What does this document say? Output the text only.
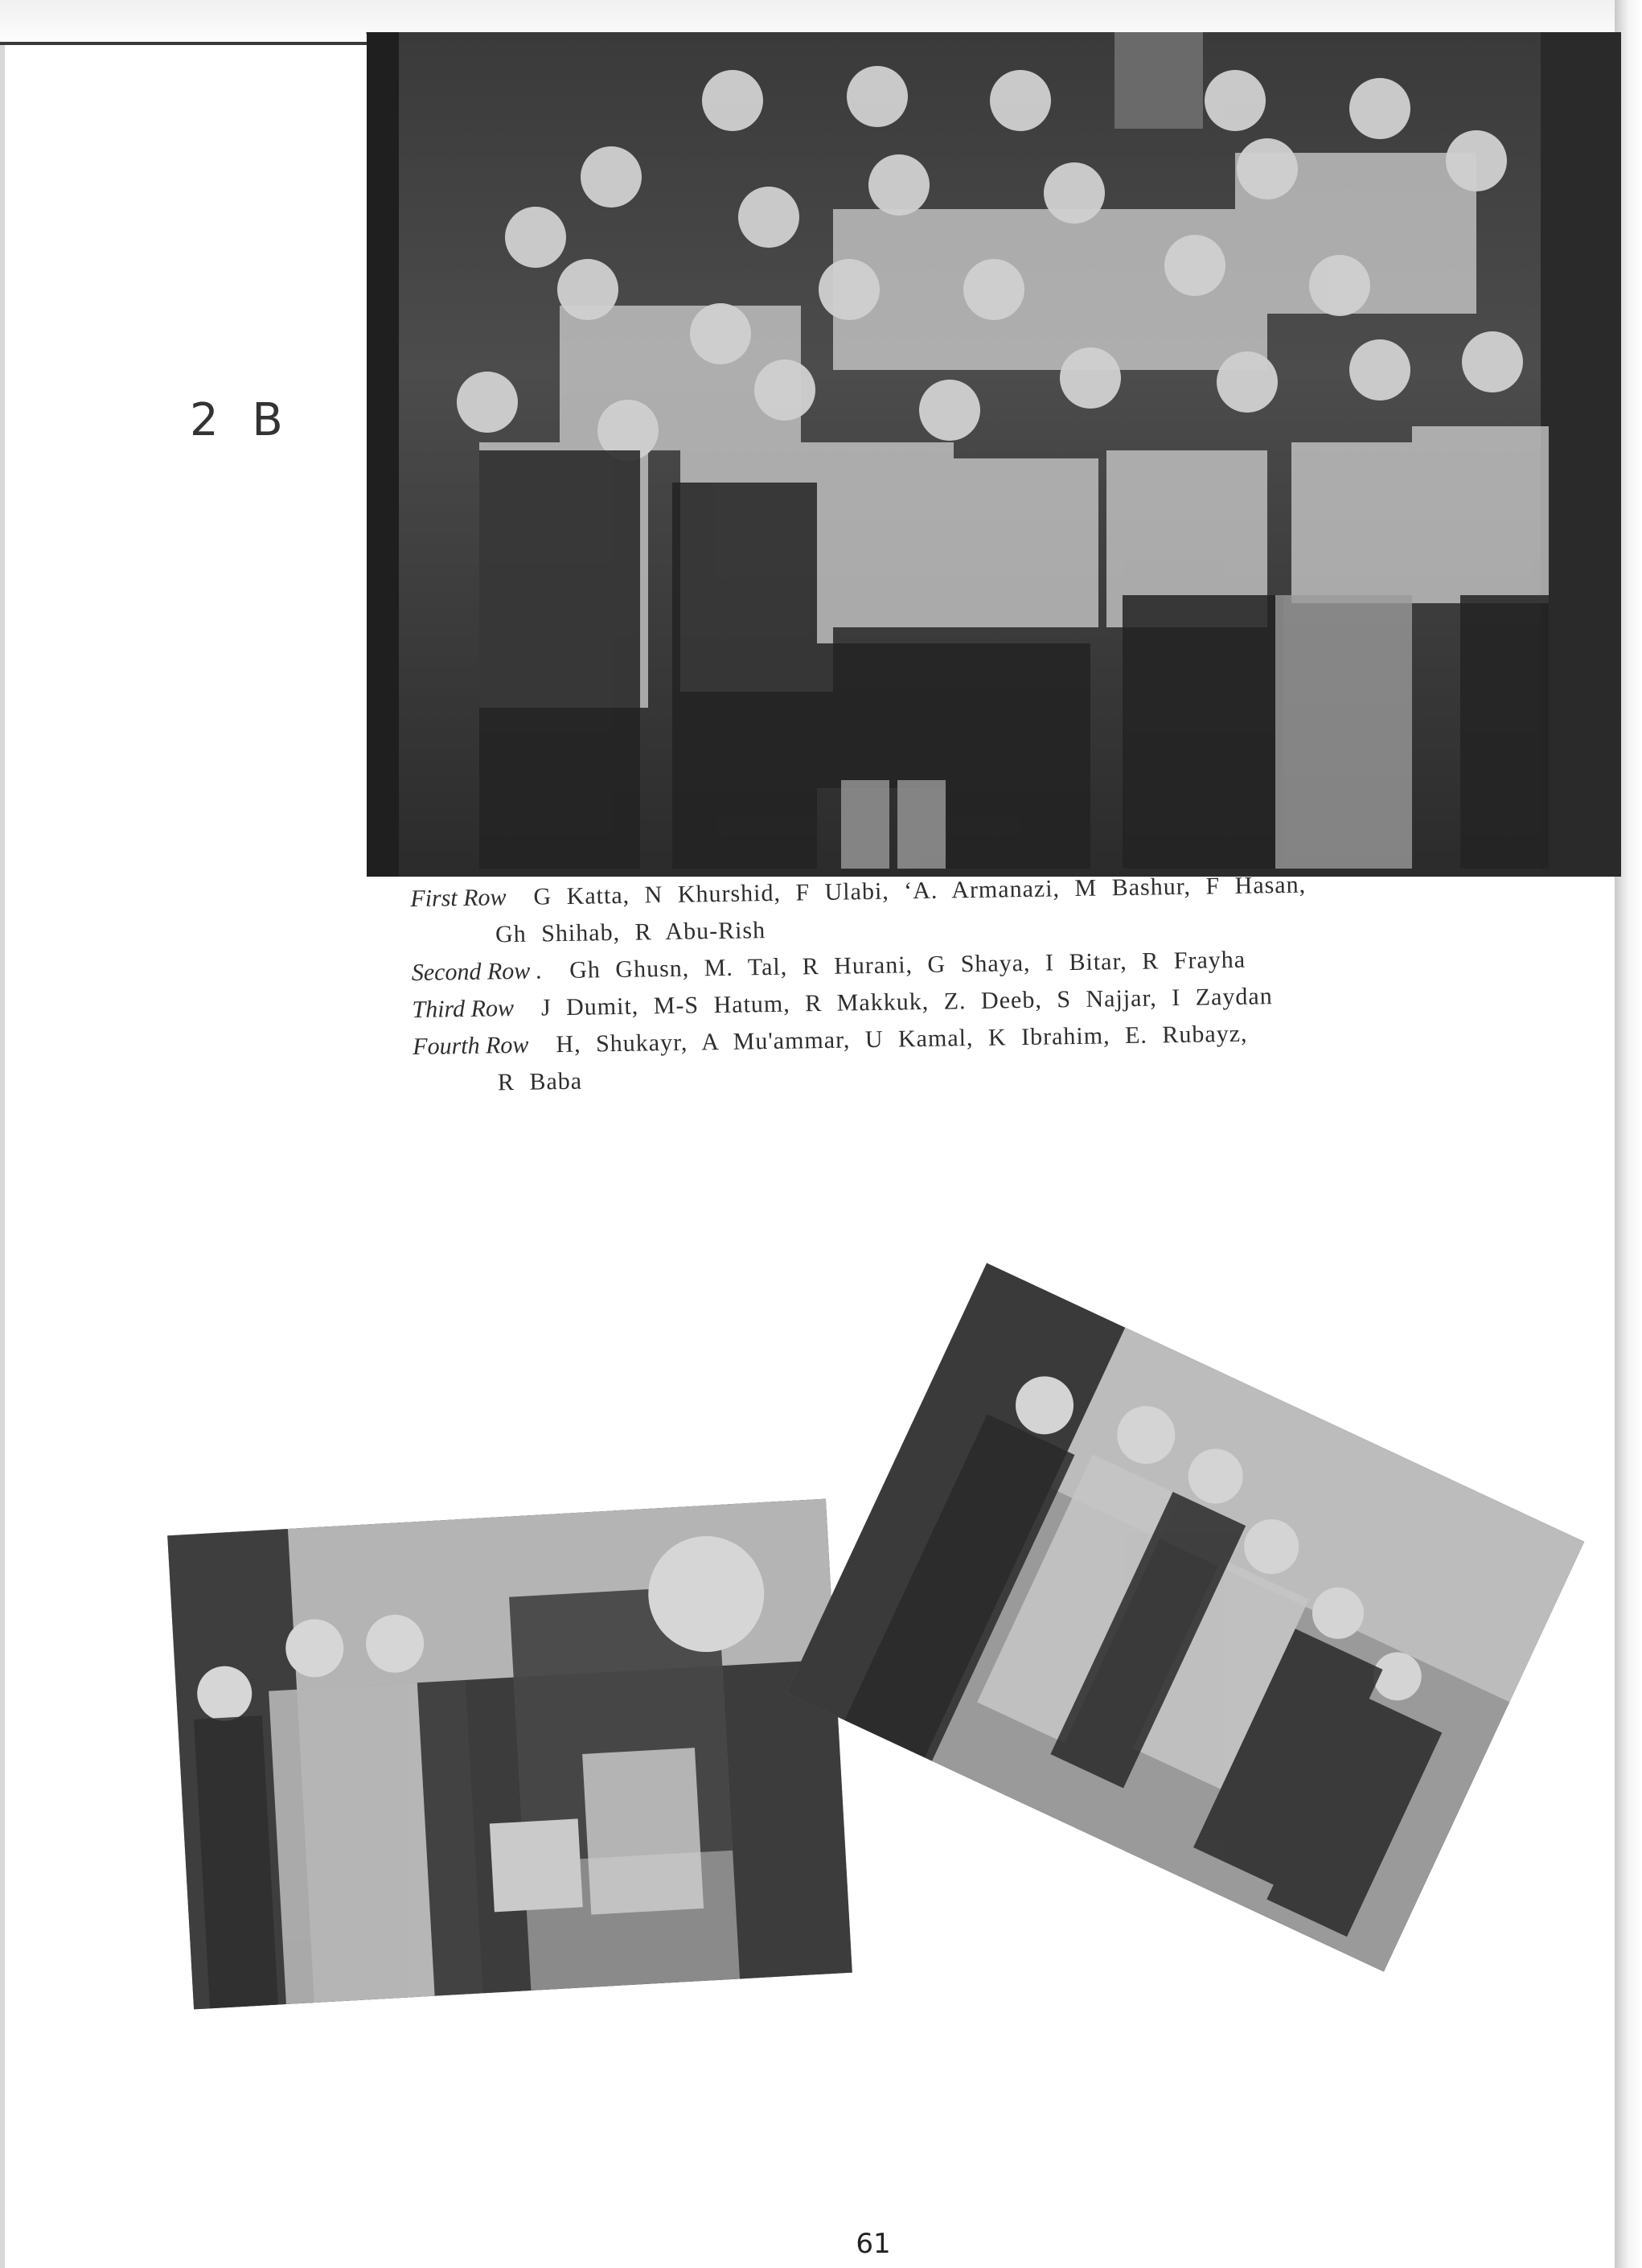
2 B
First Row G Katta, N Khurshid, F Ulabi, ‘A. Armanazi, M Bashur, F Hasan,
Gh Shihab, R Abu-Rish
Second Row . Gh Ghusn, M. Tal, R Hurani, G Shaya, I Bitar, R Frayha
Third Row J Dumit, M-S Hatum, R Makkuk, Z. Deeb, S Najjar, I Zaydan
Fourth Row H, Shukayr, A Mu'ammar, U Kamal, K Ibrahim, E. Rubayz,
R Baba
61
